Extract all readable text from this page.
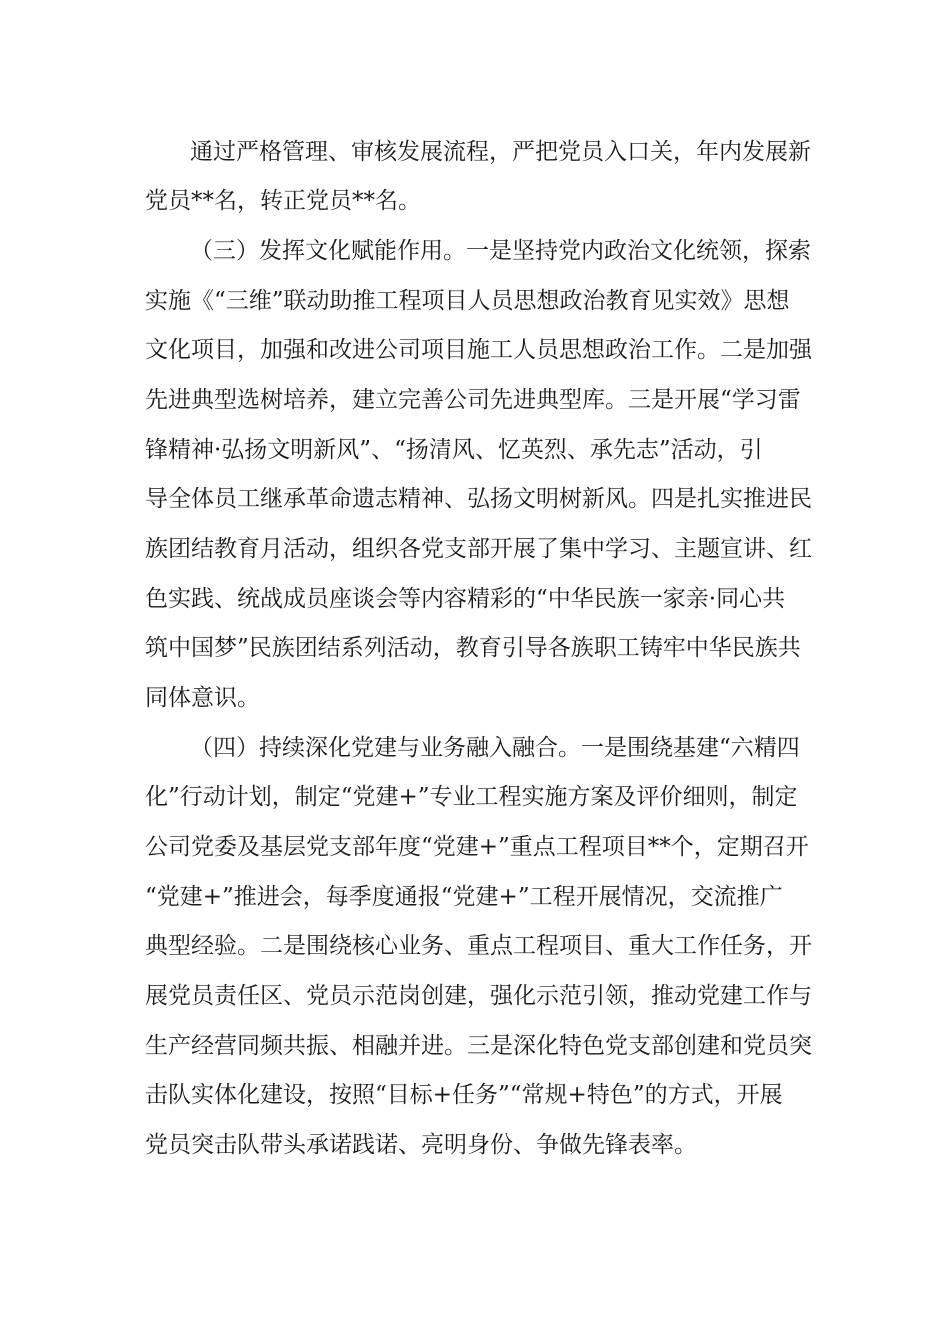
通过严格管理、审核发展流程，严把党员入口关，年内发展新
党员**名，转正党员**名。
（三）发挥文化赋能作用。一是坚持党内政治文化统领，探索
实施《“三维”联动助推工程项目人员思想政治教育见实效》思想
文化项目，加强和改进公司项目施工人员思想政治工作。二是加强
先进典型选树培养，建立完善公司先进典型库。三是开展“学习雷
锋精神·弘扬文明新风”、“扬清风、忆英烈、承先志”活动，引
导全体员工继承革命遗志精神、弘扬文明树新风。四是扎实推进民
族团结教育月活动，组织各党支部开展了集中学习、主题宣讲、红
色实践、统战成员座谈会等内容精彩的“中华民族一家亲·同心共
筑中国梦”民族团结系列活动，教育引导各族职工铸牢中华民族共
同体意识。
（四）持续深化党建与业务融入融合。一是围绕基建“六精四
化”行动计划，制定“党建+”专业工程实施方案及评价细则，制定
公司党委及基层党支部年度“党建+”重点工程项目**个，定期召开
“党建+”推进会，每季度通报“党建+”工程开展情况，交流推广
典型经验。二是围绕核心业务、重点工程项目、重大工作任务，开
展党员责任区、党员示范岗创建，强化示范引领，推动党建工作与
生产经营同频共振、相融并进。三是深化特色党支部创建和党员突
击队实体化建设，按照“目标+任务”“常规+特色”的方式，开展
党员突击队带头承诺践诺、亮明身份、争做先锋表率。
